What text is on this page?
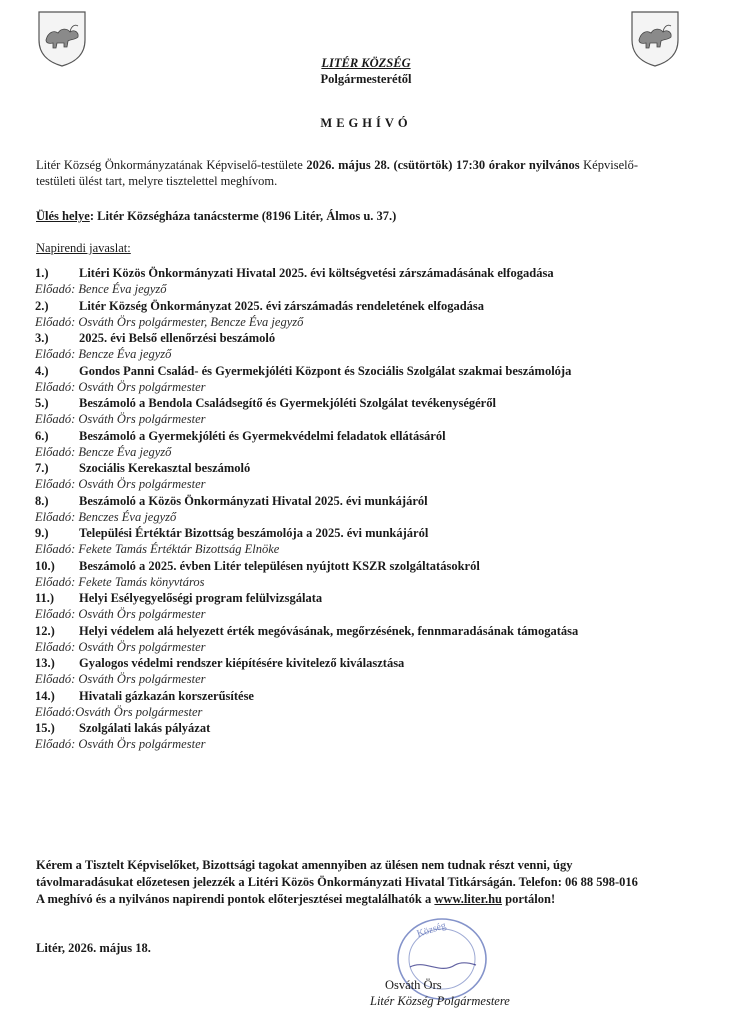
LITÉR KÖZSÉG
Polgármesterétől
MEGHÍVÓ
Litér Község Önkormányzatának Képviselő-testülete 2026. május 28. (csütörtök) 17:30 órakor nyilvános Képviselő-testületi ülést tart, melyre tisztelettel meghívom.
Ülés helye: Litér Községháza tanácsterme (8196 Litér, Álmos u. 37.)
Napirendi javaslat:
1.) Litéri Közös Önkormányzati Hivatal 2025. évi költségvetési zárszámadásának elfogadása
Előadó: Bence Éva jegyző
2.) Litér Község Önkormányzat 2025. évi zárszámadás rendeletének elfogadása
Előadó: Osváth Örs polgármester, Bencze Éva jegyző
3.) 2025. évi Belső ellenőrzési beszámoló
Előadó: Bencze Éva jegyző
4.) Gondos Panni Család- és Gyermekjóléti Központ és Szociális Szolgálat szakmai beszámolója
Előadó: Osváth Örs polgármester
5.) Beszámoló a Bendola Családsegítő és Gyermekjóléti Szolgálat tevékenységéről
Előadó: Osváth Örs polgármester
6.) Beszámoló a Gyermekjóléti és Gyermekvédelmi feladatok ellátásáról
Előadó: Bencze Éva jegyző
7.) Szociális Kerekasztal beszámoló
Előadó: Osváth Örs polgármester
8.) Beszámoló a Közös Önkormányzati Hivatal 2025. évi munkájáról
Előadó: Benczes Éva jegyző
9.) Települési Értéktár Bizottság beszámolója a 2025. évi munkájáról
Előadó: Fekete Tamás Értéktár Bizottság Elnöke
10.) Beszámoló a 2025. évben Litér településen nyújtott KSZR szolgáltatásokról
Előadó: Fekete Tamás könyvtáros
11.) Helyi Esélyegyelőségi program felülvizsgálata
Előadó: Osváth Örs polgármester
12.) Helyi védelem alá helyezett érték megóvásának, megőrzésének, fennmaradásának támogatása
Előadó: Osváth Örs polgármester
13.) Gyalogos védelmi rendszer kiépítésére kivitelező kiválasztása
Előadó: Osváth Örs polgármester
14.) Hivatali gázkazán korszerűsítése
Előadó:Osváth Örs polgármester
15.) Szolgálati lakás pályázat
Előadó: Osváth Örs polgármester
Kérem a Tisztelt Képviselőket, Bizottsági tagokat amennyiben az ülésen nem tudnak részt venni, úgy távolmaradásukat előzetesen jelezzék a Litéri Közös Önkormányzati Hivatal Titkárságán. Telefon: 06 88 598-016 A meghívó és a nyilvános napirendi pontok előterjesztései megtalálhatók a www.liter.hu portálon!
Litér, 2026. május 18.
Község
Osváth Örs
Litér Község Polgármestere
